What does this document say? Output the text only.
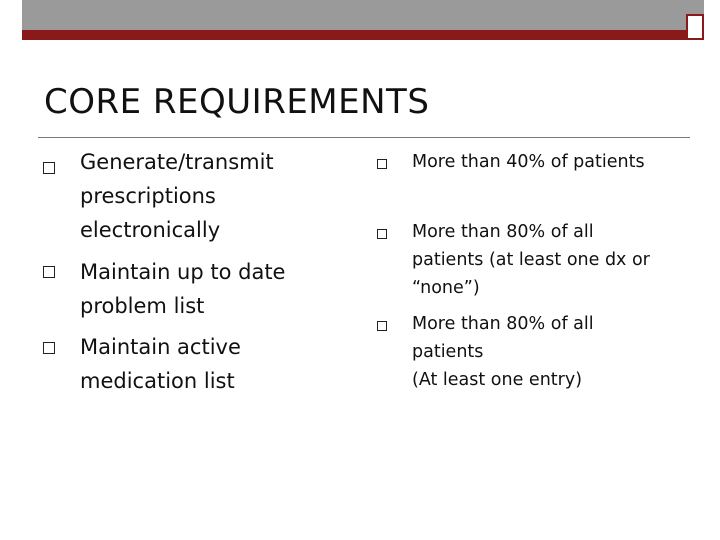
CORE REQUIREMENTS
Generate/transmit
prescriptions
electronically
Maintain up to date
problem list
Maintain active
medication list
More than 40% of patients
More than 80% of all
patients (at least one dx or
“none”)
More than 80% of all
patients
(At least one entry)
